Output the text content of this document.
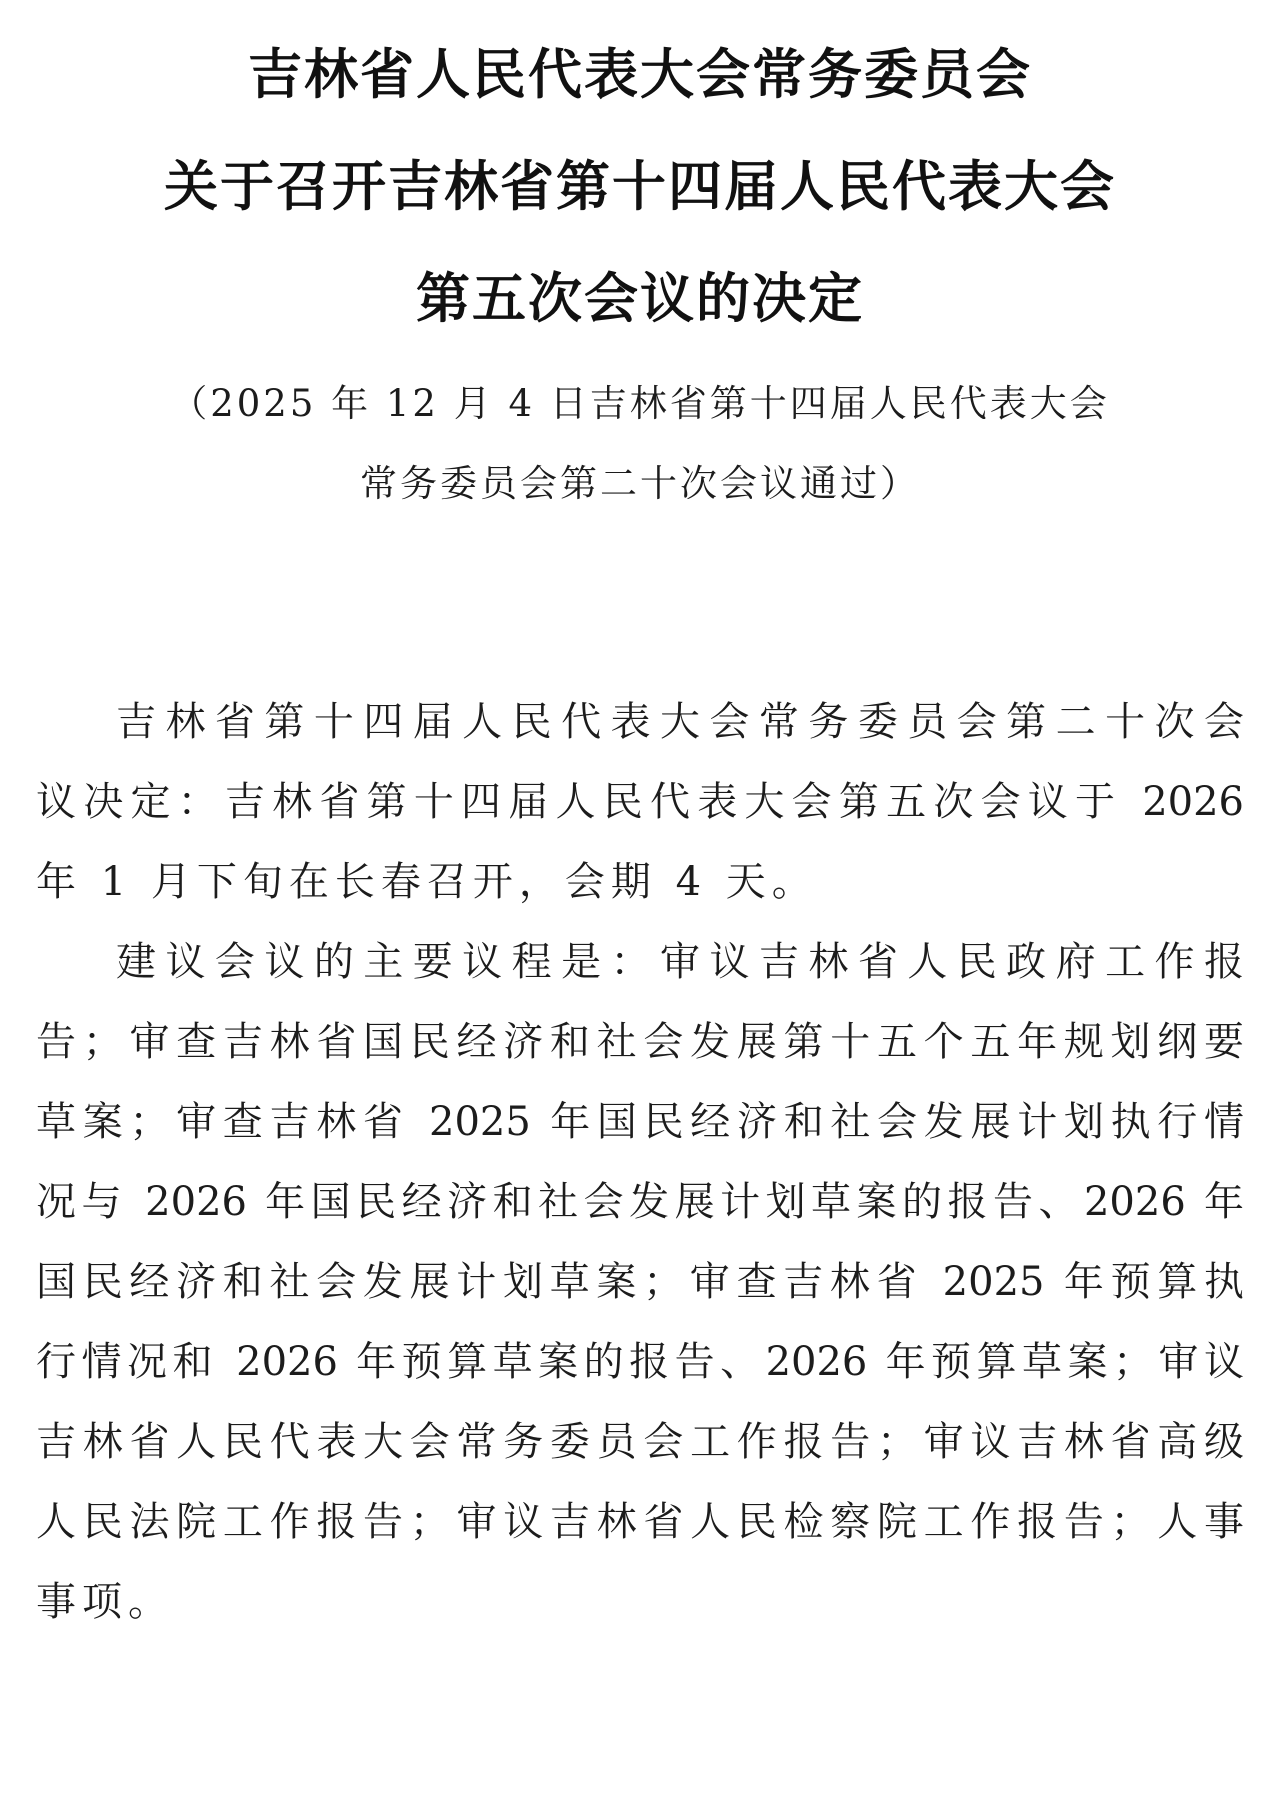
吉林省人民代表大会常务委员会
关于召开吉林省第十四届人民代表大会
第五次会议的决定
（2025 年 12 月 4 日吉林省第十四届人民代表大会
常务委员会第二十次会议通过）
吉林省第十四届人民代表大会常务委员会第二十次会
议决定：吉林省第十四届人民代表大会第五次会议于 2026
年 1 月下旬在长春召开，会期 4 天。
建议会议的主要议程是：审议吉林省人民政府工作报
告；审查吉林省国民经济和社会发展第十五个五年规划纲要
草案；审查吉林省 2025 年国民经济和社会发展计划执行情
况与 2026 年国民经济和社会发展计划草案的报告、2026 年
国民经济和社会发展计划草案；审查吉林省 2025 年预算执
行情况和 2026 年预算草案的报告、2026 年预算草案；审议
吉林省人民代表大会常务委员会工作报告；审议吉林省高级
人民法院工作报告；审议吉林省人民检察院工作报告；人事
事项。
